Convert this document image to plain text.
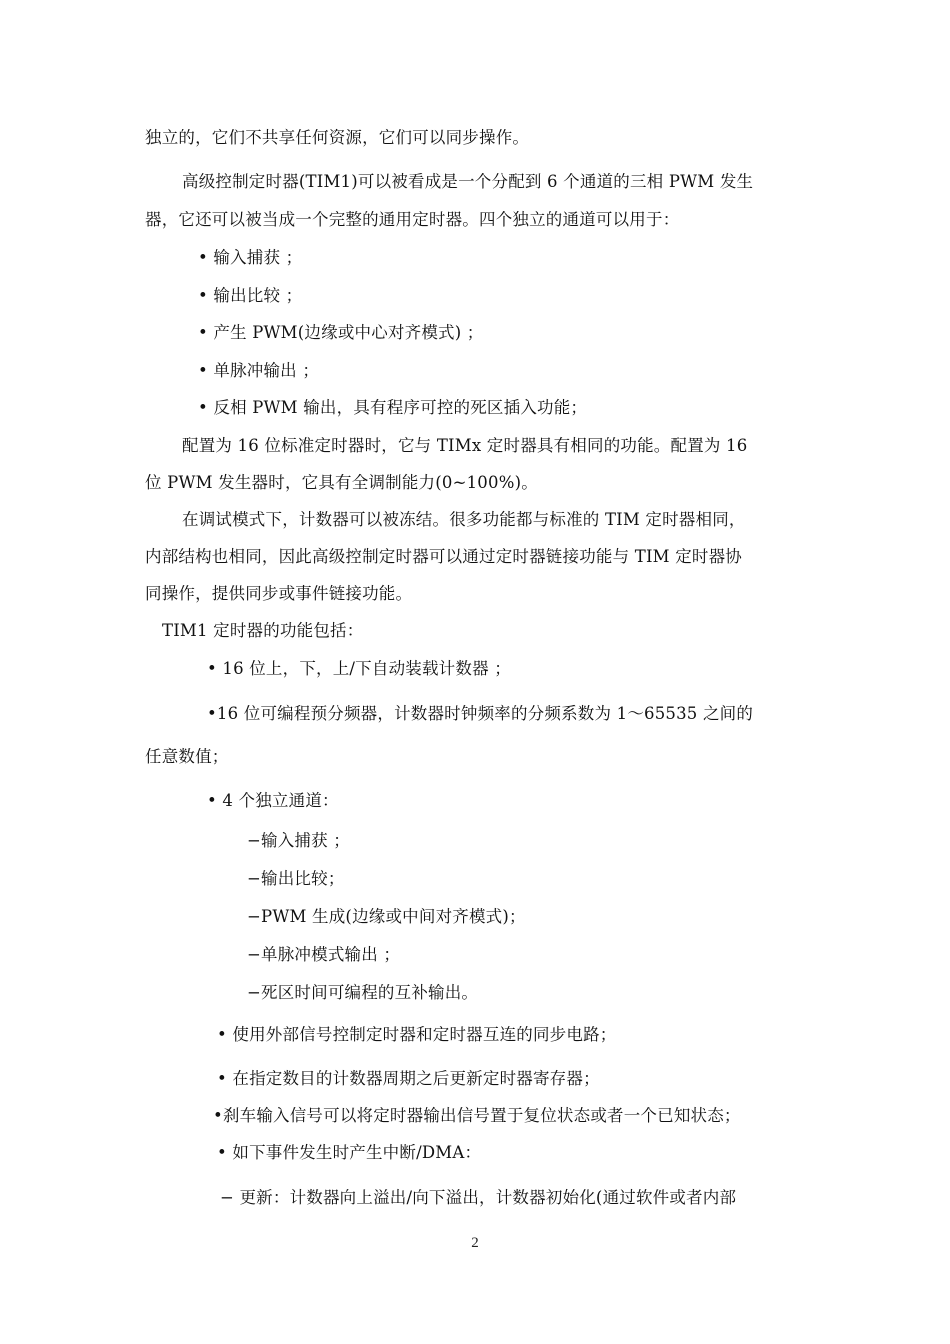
独立的，它们不共享任何资源，它们可以同步操作。
高级控制定时器(TIM1)可以被看成是一个分配到 6 个通道的三相 PWM 发生
器，它还可以被当成一个完整的通用定时器。四个独立的通道可以用于：
• 输入捕获 ；
• 输出比较 ；
• 产生 PWM(边缘或中心对齐模式) ；
• 单脉冲输出 ；
• 反相 PWM 输出，具有程序可控的死区插入功能；
配置为 16 位标准定时器时，它与 TIMx 定时器具有相同的功能。配置为 16
位 PWM 发生器时，它具有全调制能力(0~100%)。
在调试模式下，计数器可以被冻结。很多功能都与标准的 TIM 定时器相同，
内部结构也相同，因此高级控制定时器可以通过定时器链接功能与 TIM 定时器协
同操作，提供同步或事件链接功能。
TIM1 定时器的功能包括：
• 16 位上，下，上/下自动装载计数器 ；
•16 位可编程预分频器，计数器时钟频率的分频系数为 1～65535 之间的
任意数值；
• 4 个独立通道：
−输入捕获 ；
−输出比较；
−PWM 生成(边缘或中间对齐模式)；
−单脉冲模式输出 ；
−死区时间可编程的互补输出。
• 使用外部信号控制定时器和定时器互连的同步电路；
• 在指定数目的计数器周期之后更新定时器寄存器；
•刹车输入信号可以将定时器输出信号置于复位状态或者一个已知状态；
• 如下事件发生时产生中断/DMA：
− 更新：计数器向上溢出/向下溢出，计数器初始化(通过软件或者内部
2
